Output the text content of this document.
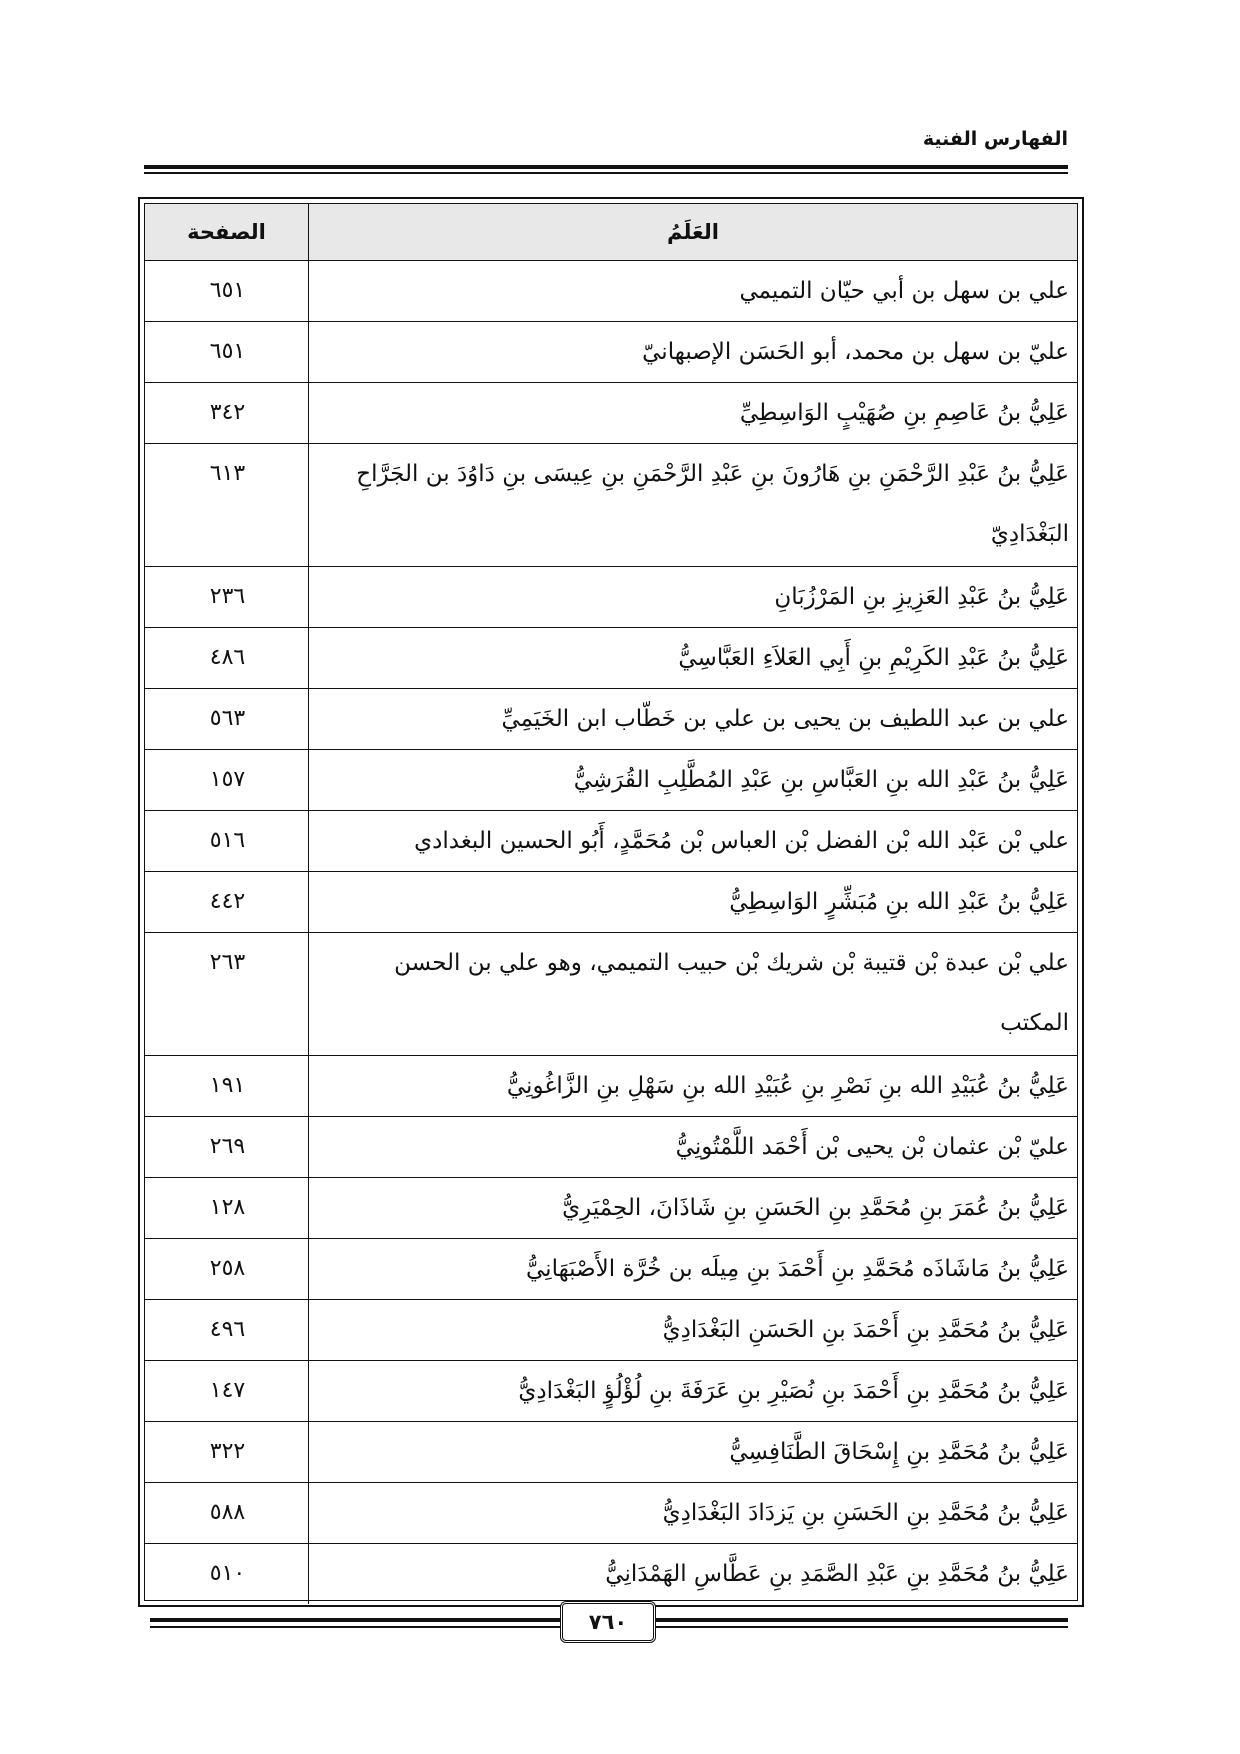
الفهارس الفنية
العَلَمُ	الصفحة
علي بن سهل بن أبي حيّان التميمي	٦٥١
عليّ بن سهل بن محمد، أبو الحَسَن الإصبهانيّ	٦٥١
عَلِيُّ بنُ عَاصِمِ بنِ صُهَيْبٍ الوَاسِطِيِّ	٣٤٢
عَلِيُّ بنُ عَبْدِ الرَّحْمَنِ بنِ هَارُونَ بنِ عَبْدِ الرَّحْمَنِ بنِ عِيسَى بنِ دَاوُدَ بن الجَرَّاحِ البَغْدَادِيّ	٦١٣
عَلِيُّ بنُ عَبْدِ العَزِيزِ بنِ المَرْزُبَانِ	٢٣٦
عَلِيُّ بنُ عَبْدِ الكَرِيْمِ بنِ أَبِي العَلاَءِ العَبَّاسِيُّ	٤٨٦
علي بن عبد اللطيف بن يحيى بن علي بن خَطّاب ابن الخَيَمِيِّ	٥٦٣
عَلِيُّ بنُ عَبْدِ الله بنِ العَبَّاسِ بنِ عَبْدِ المُطَّلِبِ القُرَشِيُّ	١٥٧
علي بْن عَبْد الله بْن الفضل بْن العباس بْن مُحَمَّدٍ، أَبُو الحسين البغدادي	٥١٦
عَلِيُّ بنُ عَبْدِ الله بنِ مُبَشِّرٍ الوَاسِطِيُّ	٤٤٢
علي بْن عبدة بْن قتيبة بْن شريك بْن حبيب التميمي، وهو علي بن الحسن المكتب	٢٦٣
عَلِيُّ بنُ عُبَيْدِ الله بنِ نَصْرِ بنِ عُبَيْدِ الله بنِ سَهْلِ بنِ الزَّاغُونِيُّ	١٩١
عليّ بْن عثمان بْن يحيى بْن أَحْمَد اللَّمْتُونِيُّ	٢٦٩
عَلِيُّ بنُ عُمَرَ بنِ مُحَمَّدِ بنِ الحَسَنِ بنِ شَاذَانَ، الحِمْيَرِيُّ	١٢٨
عَلِيُّ بنُ مَاشَاذَه مُحَمَّدِ بنِ أَحْمَدَ بنِ مِيلَه بن خُرَّة الأَصْبَهَانِيُّ	٢٥٨
عَلِيُّ بنُ مُحَمَّدِ بنِ أَحْمَدَ بنِ الحَسَنِ البَغْدَادِيُّ	٤٩٦
عَلِيُّ بنُ مُحَمَّدِ بنِ أَحْمَدَ بنِ نُصَيْرِ بنِ عَرَفَةَ بنِ لُؤْلُؤٍ البَغْدَادِيُّ	١٤٧
عَلِيُّ بنُ مُحَمَّدِ بنِ إِسْحَاقَ الطَّنَافِسِيُّ	٣٢٢
عَلِيُّ بنُ مُحَمَّدِ بنِ الحَسَنِ بنِ يَزدَادَ البَغْدَادِيُّ	٥٨٨
عَلِيُّ بنُ مُحَمَّدِ بنِ عَبْدِ الصَّمَدِ بنِ عَطَّاسِ الهَمْدَانِيُّ	٥١٠
٧٦٠
